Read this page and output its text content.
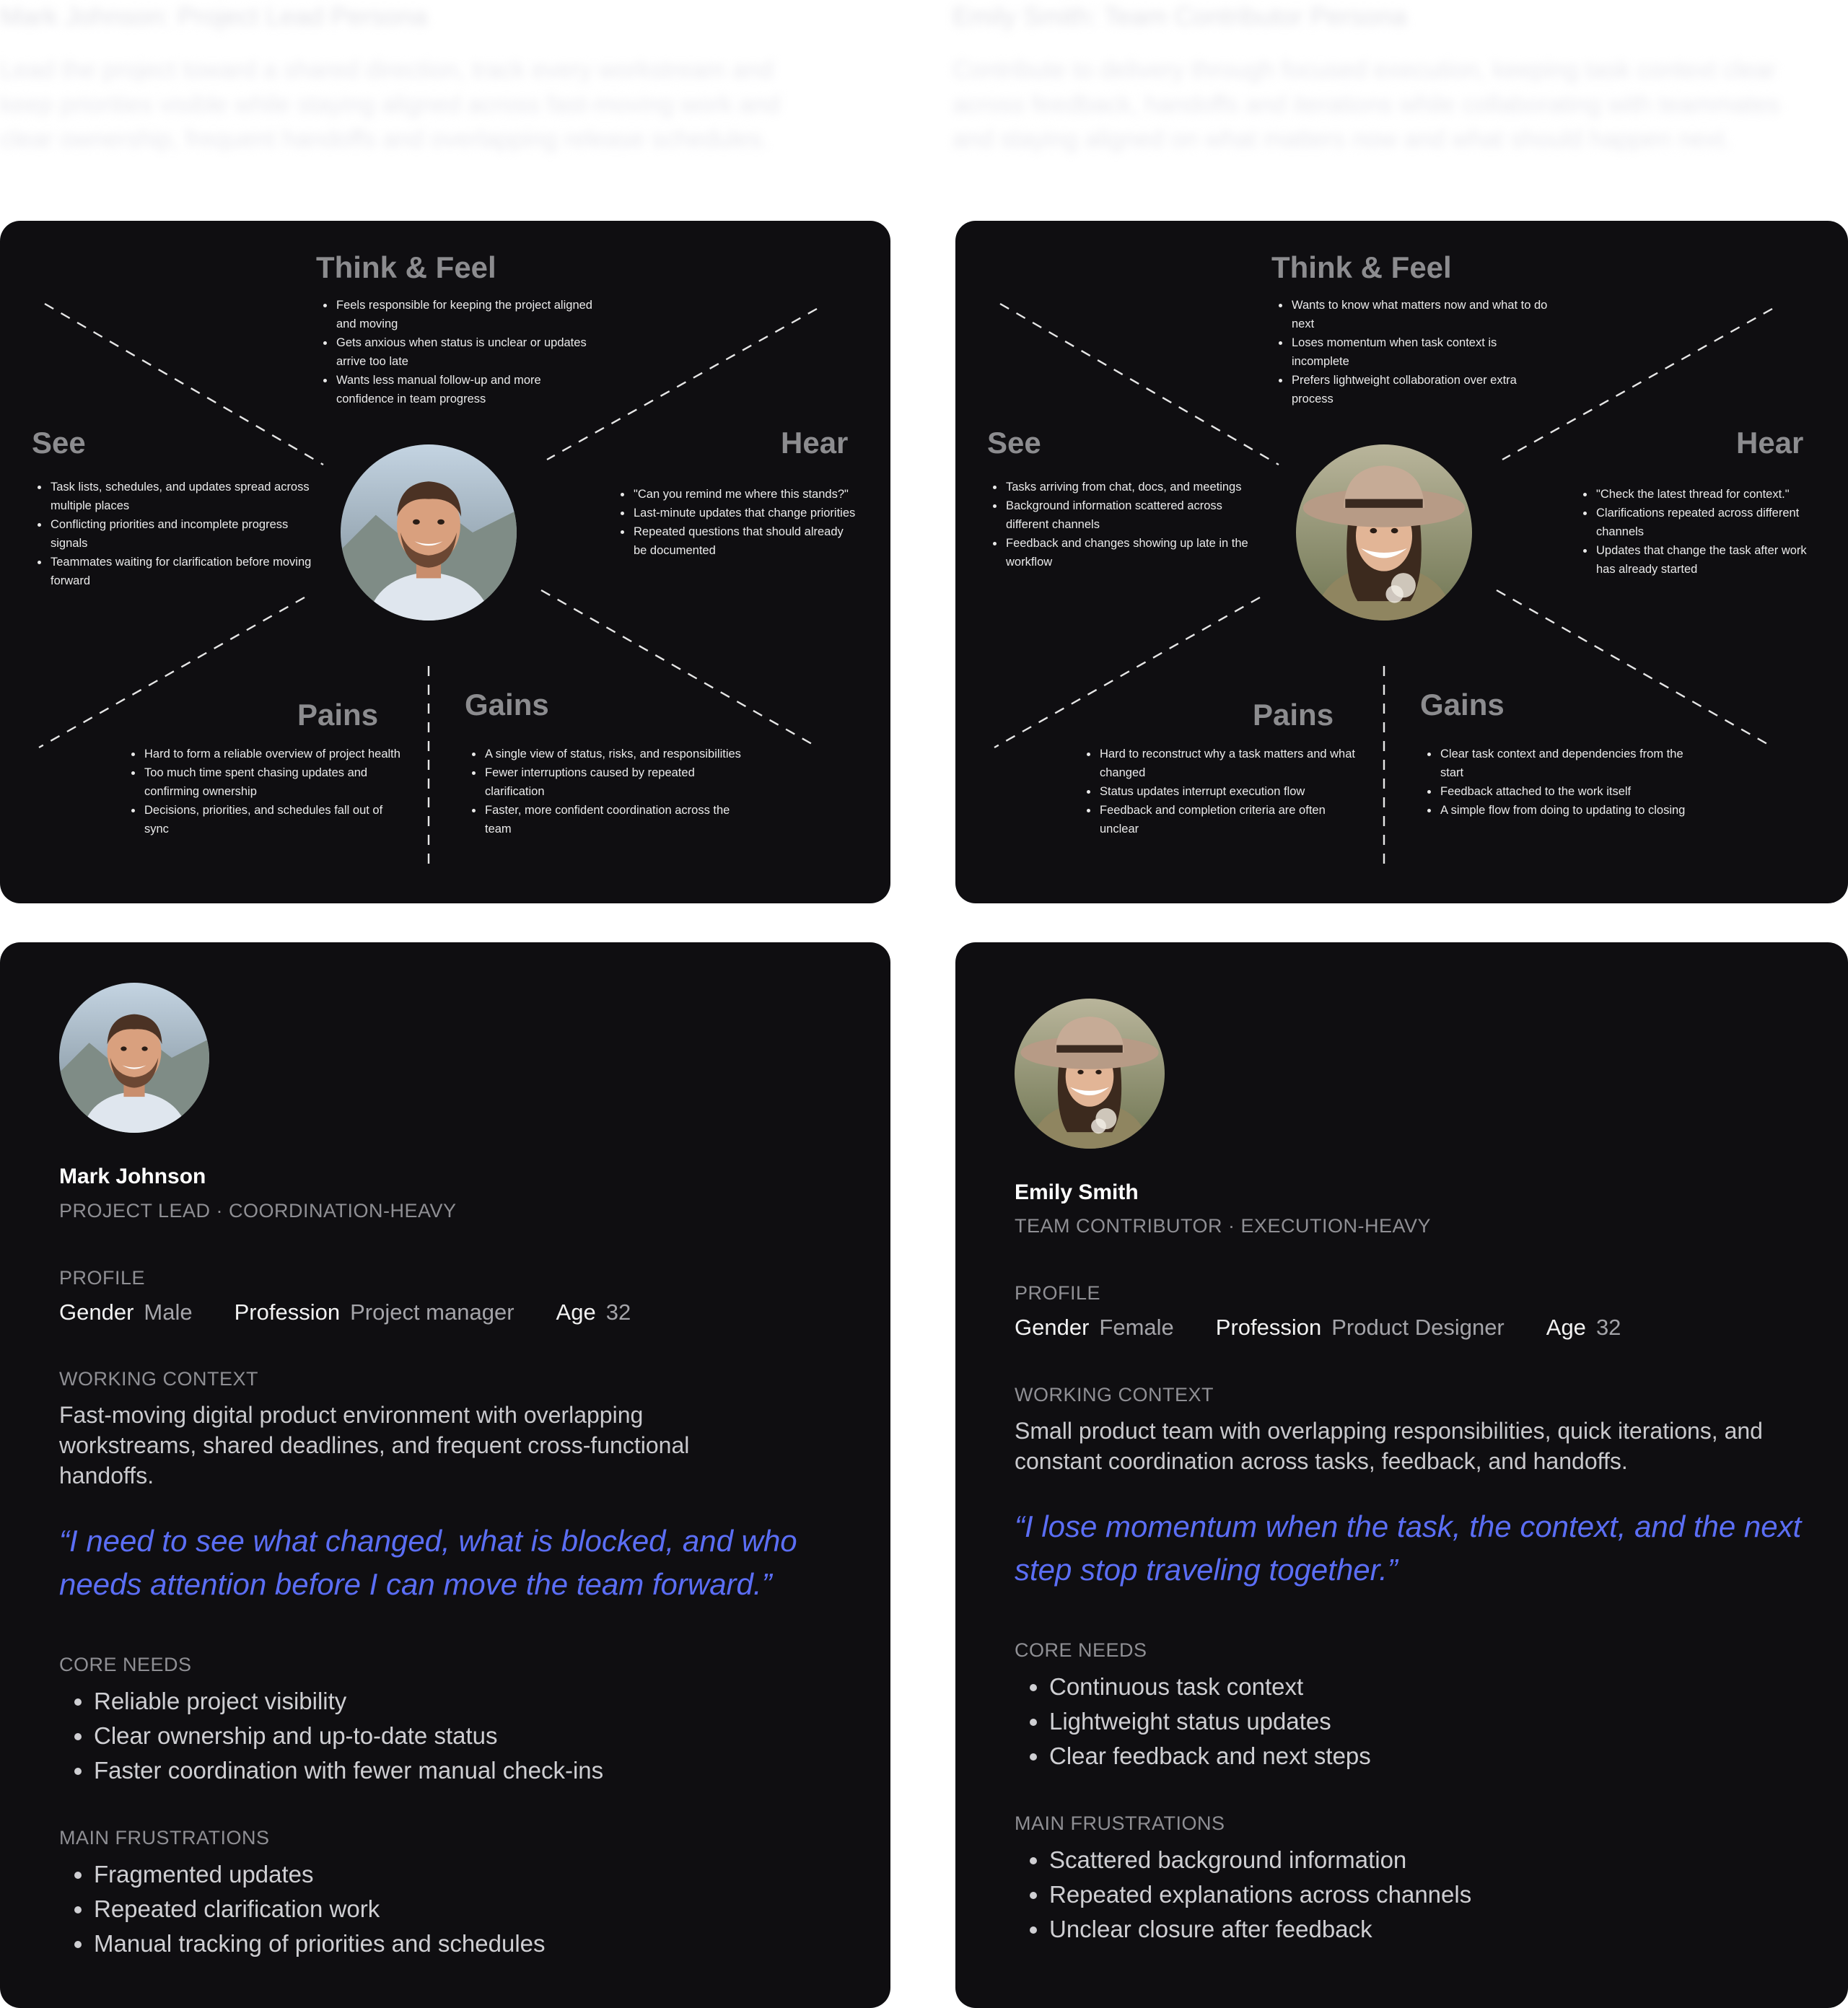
Mark Johnson: Project Lead Persona
Lead the project toward a shared direction, track every workstream and
keep priorities visible while staying aligned across fast-moving work and
clear ownership, frequent handoffs and overlapping release schedules.
Emily Smith: Team Contributor Persona
Contribute to delivery through focused execution, keeping task context clear
across feedback, handoffs and iterations while collaborating with teammates
and staying aligned on what matters now and what should happen next.
Think & Feel
• Feels responsible for keeping the project aligned and moving
• Gets anxious when status is unclear or updates arrive too late
• Wants less manual follow-up and more confidence in team progress
See
• Task lists, schedules, and updates spread across multiple places
• Conflicting priorities and incomplete progress signals
• Teammates waiting for clarification before moving forward
Hear
• "Can you remind me where this stands?"
• Last-minute updates that change priorities
• Repeated questions that should already be documented
Pains
• Hard to form a reliable overview of project health
• Too much time spent chasing updates and confirming ownership
• Decisions, priorities, and schedules fall out of sync
Gains
• A single view of status, risks, and responsibilities
• Fewer interruptions caused by repeated clarification
• Faster, more confident coordination across the team
Think & Feel
• Wants to know what matters now and what to do next
• Loses momentum when task context is incomplete
• Prefers lightweight collaboration over extra process
See
• Tasks arriving from chat, docs, and meetings
• Background information scattered across different channels
• Feedback and changes showing up late in the workflow
Hear
• "Check the latest thread for context."
• Clarifications repeated across different channels
• Updates that change the task after work has already started
Pains
• Hard to reconstruct why a task matters and what changed
• Status updates interrupt execution flow
• Feedback and completion criteria are often unclear
Gains
• Clear task context and dependencies from the start
• Feedback attached to the work itself
• A simple flow from doing to updating to closing
Mark Johnson
PROJECT LEAD · COORDINATION-HEAVY
PROFILE
Gender Male Profession Project manager Age 32
WORKING CONTEXT
Fast-moving digital product environment with overlapping workstreams, shared deadlines, and frequent cross-functional handoffs.
“I need to see what changed, what is blocked, and who needs attention before I can move the team forward.”
CORE NEEDS
• Reliable project visibility
• Clear ownership and up-to-date status
• Faster coordination with fewer manual check-ins
MAIN FRUSTRATIONS
• Fragmented updates
• Repeated clarification work
• Manual tracking of priorities and schedules
Emily Smith
TEAM CONTRIBUTOR · EXECUTION-HEAVY
PROFILE
Gender Female Profession Product Designer Age 32
WORKING CONTEXT
Small product team with overlapping responsibilities, quick iterations, and constant coordination across tasks, feedback, and handoffs.
“I lose momentum when the task, the context, and the next step stop traveling together.”
CORE NEEDS
• Continuous task context
• Lightweight status updates
• Clear feedback and next steps
MAIN FRUSTRATIONS
• Scattered background information
• Repeated explanations across channels
• Unclear closure after feedback
